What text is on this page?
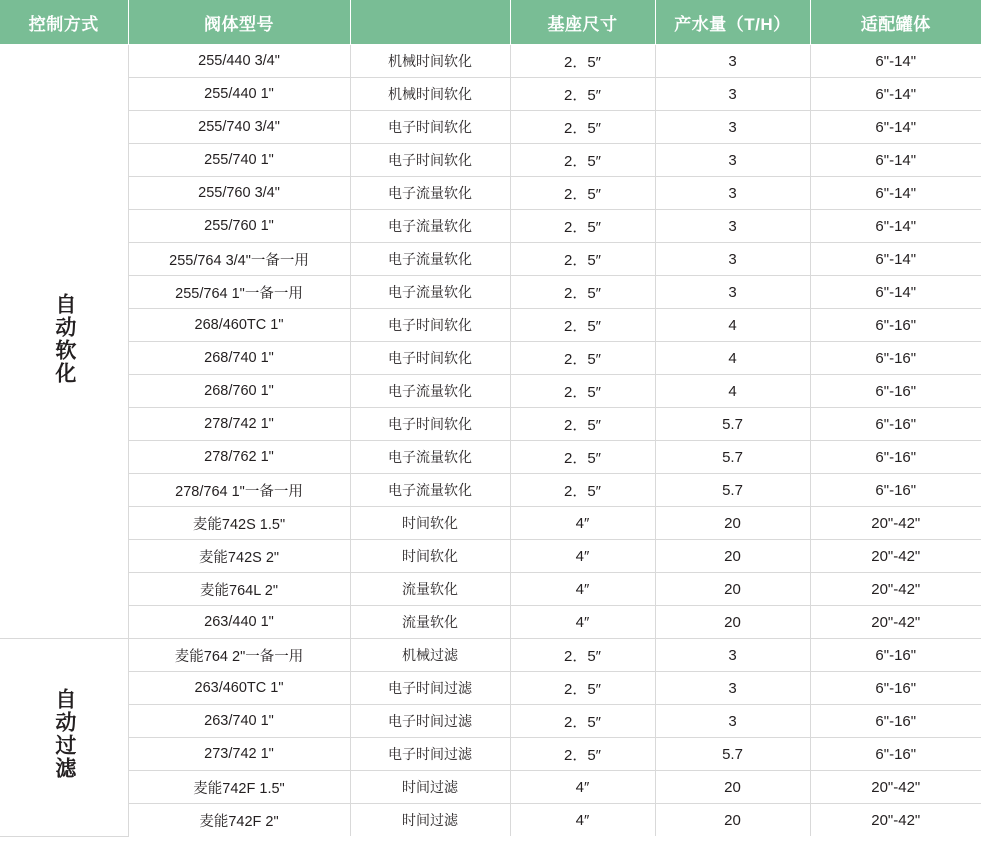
控制方式	阀体型号		基座尺寸	产水量（T/H）	适配罐体
自动软化	255/440 3/4"	机械时间软化	2．5″	3	6"-14"
	255/440 1"	机械时间软化	2．5″	3	6"-14"
	255/740 3/4"	电子时间软化	2．5″	3	6"-14"
	255/740 1"	电子时间软化	2．5″	3	6"-14"
	255/760 3/4"	电子流量软化	2．5″	3	6"-14"
	255/760 1"	电子流量软化	2．5″	3	6"-14"
	255/764 3/4"一备一用	电子流量软化	2．5″	3	6"-14"
	255/764 1"一备一用	电子流量软化	2．5″	3	6"-14"
	268/460TC 1"	电子时间软化	2．5″	4	6"-16"
	268/740 1"	电子时间软化	2．5″	4	6"-16"
	268/760 1"	电子流量软化	2．5″	4	6"-16"
	278/742 1"	电子时间软化	2．5″	5.7	6"-16"
	278/762 1"	电子流量软化	2．5″	5.7	6"-16"
	278/764 1"一备一用	电子流量软化	2．5″	5.7	6"-16"
	麦能742S 1.5"	时间软化	4″	20	20"-42"
	麦能742S 2"	时间软化	4″	20	20"-42"
	麦能764L 2"	流量软化	4″	20	20"-42"
	263/440 1"	流量软化	4″	20	20"-42"
自动过滤	麦能764 2"一备一用	机械过滤	2．5″	3	6"-16"
	263/460TC 1"	电子时间过滤	2．5″	3	6"-16"
	263/740 1"	电子时间过滤	2．5″	3	6"-16"
	273/742 1"	电子时间过滤	2．5″	5.7	6"-16"
	麦能742F 1.5"	时间过滤	4″	20	20"-42"
	麦能742F 2"	时间过滤	4″	20	20"-42"
